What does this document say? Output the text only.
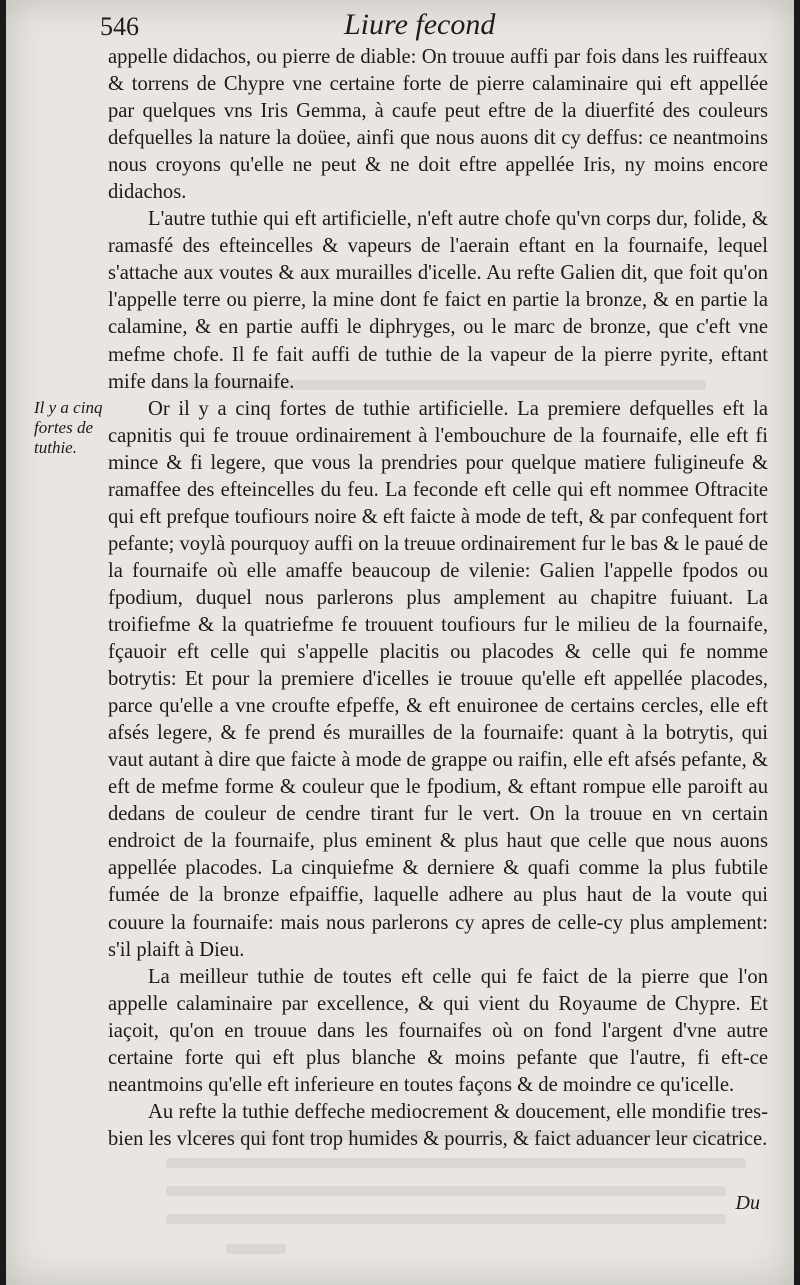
546	Liure fecond
Il y a cinq
fortes de
tuthie.

appelle didachos, ou pierre de diable: On trouue auffi par fois dans les ruiffeaux & torrens de Chypre vne certaine forte de pierre calaminaire qui eft appellée par quelques vns Iris Gemma, à caufe peut eftre de la diuerfité des couleurs defquelles la nature la doüee, ainfi que nous auons dit cy deffus: ce neantmoins nous croyons qu'elle ne peut & ne doit eftre appellée Iris, ny moins encore didachos.

L'autre tuthie qui eft artificielle, n'eft autre chofe qu'vn corps dur, folide, & ramasfé des efteincelles & vapeurs de l'aerain eftant en la fournaife, lequel s'attache aux voutes & aux murailles d'icelle. Au refte Galien dit, que foit qu'on l'appelle terre ou pierre, la mine dont fe faict en partie la bronze, & en partie la calamine, & en partie auffi le diphryges, ou le marc de bronze, que c'eft vne mefme chofe. Il fe fait auffi de tuthie de la vapeur de la pierre pyrite, eftant mife dans la fournaife.

Or il y a cinq fortes de tuthie artificielle. La premiere defquelles eft la capnitis qui fe trouue ordinairement à l'embouchure de la fournaife, elle eft fi mince & fi legere, que vous la prendries pour quelque matiere fuligineufe & ramaffee des efteincelles du feu. La feconde eft celle qui eft nommee Oftracite qui eft prefque toufiours noire & eft faicte à mode de teft, & par confequent fort pefante; voylà pourquoy auffi on la treuue ordinairement fur le bas & le paué de la fournaife où elle amaffe beaucoup de vilenie: Galien l'appelle fpodos ou fpodium, duquel nous parlerons plus amplement au chapitre fuiuant. La troifiefme & la quatriefme fe trouuent toufiours fur le milieu de la fournaife, fçauoir eft celle qui s'appelle placitis ou placodes & celle qui fe nomme botrytis: Et pour la premiere d'icelles ie trouue qu'elle eft appellée placodes, parce qu'elle a vne croufte efpeffe, & eft enuironee de certains cercles, elle eft afsés legere, & fe prend és murailles de la fournaife: quant à la botrytis, qui vaut autant à dire que faicte à mode de grappe ou raifin, elle eft afsés pefante, & eft de mefme forme & couleur que le fpodium, & eftant rompue elle paroift au dedans de couleur de cendre tirant fur le vert. On la trouue en vn certain endroict de la fournaife, plus eminent & plus haut que celle que nous auons appellée placodes. La cinquiefme & derniere & quafi comme la plus fubtile fumée de la bronze efpaiffie, laquelle adhere au plus haut de la voute qui couure la fournaife: mais nous parlerons cy apres de celle-cy plus amplement: s'il plaift à Dieu.

La meilleur tuthie de toutes eft celle qui fe faict de la pierre que l'on appelle calaminaire par excellence, & qui vient du Royaume de Chypre. Et iaçoit, qu'on en trouue dans les fournaifes où on fond l'argent d'vne autre certaine forte qui eft plus blanche & moins pefante que l'autre, fi eft-ce neantmoins qu'elle eft inferieure en toutes façons & de moindre ce qu'icelle.

Au refte la tuthie deffeche mediocrement & doucement, elle mondifie tres-bien les vlceres qui font trop humides & pourris, & faict aduancer leur cicatrice.

Du
